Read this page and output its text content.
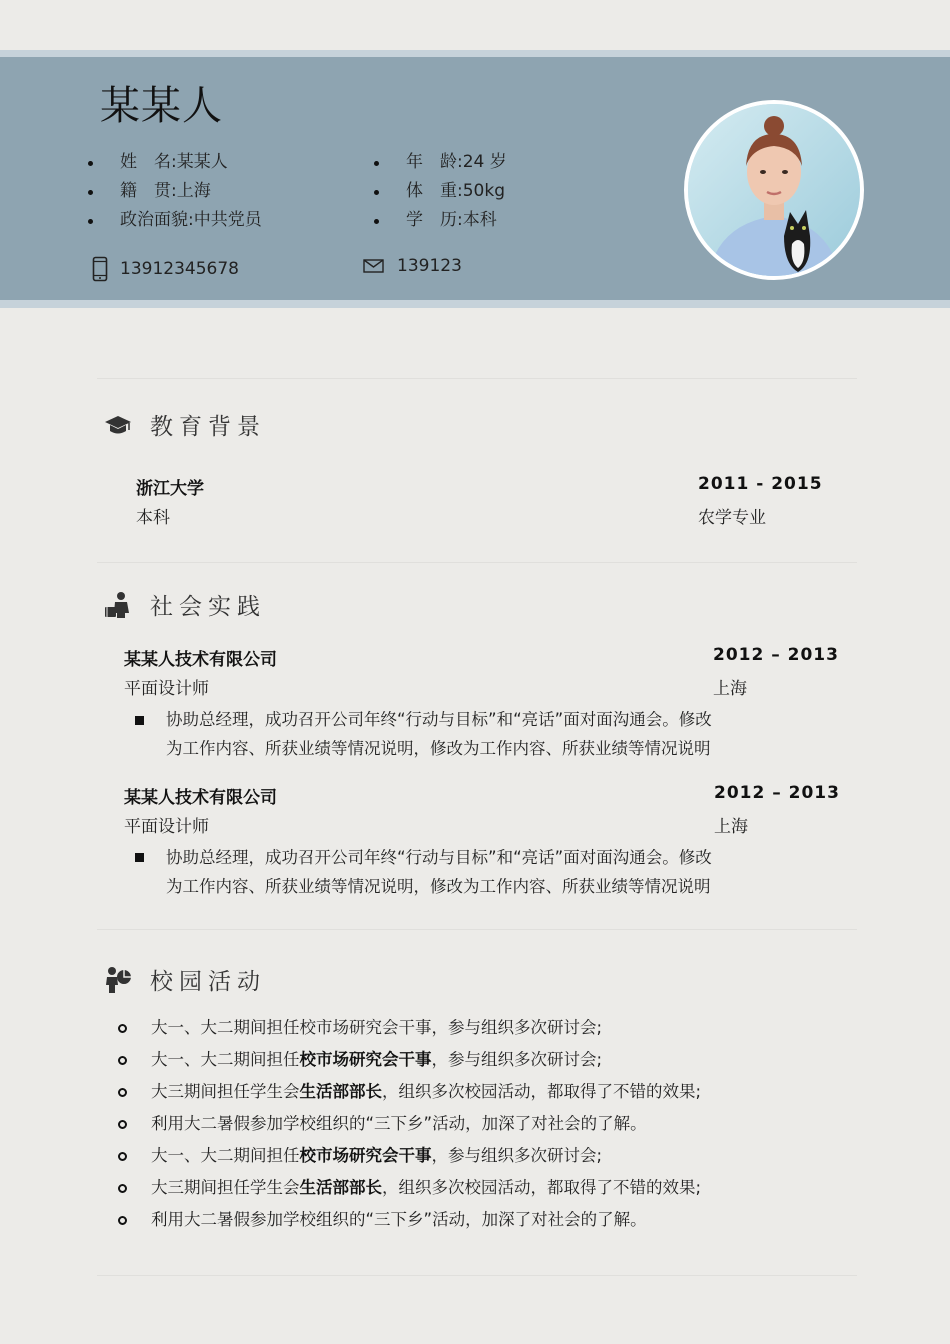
某某人
姓　名:某某人
籍　贯:上海
政治面貌:中共党员
年　龄:24 岁
体　重:50kg
学　历:本科
13912345678	139123
教育背景
浙江大学
本科
2011 - 2015
农学专业
社会实践
某某人技术有限公司
平面设计师
2012 – 2013
上海
协助总经理，成功召开公司年终“行动与目标”和“亮话”面对面沟通会。修改
为工作内容、所获业绩等情况说明，修改为工作内容、所获业绩等情况说明
某某人技术有限公司
平面设计师
2012 – 2013
上海
协助总经理，成功召开公司年终“行动与目标”和“亮话”面对面沟通会。修改
为工作内容、所获业绩等情况说明，修改为工作内容、所获业绩等情况说明
校园活动
大一、大二期间担任校市场研究会干事，参与组织多次研讨会;
大一、大二期间担任校市场研究会干事，参与组织多次研讨会;
大三期间担任学生会生活部部长，组织多次校园活动，都取得了不错的效果;
利用大二暑假参加学校组织的“三下乡”活动，加深了对社会的了解。
大一、大二期间担任校市场研究会干事，参与组织多次研讨会;
大三期间担任学生会生活部部长，组织多次校园活动，都取得了不错的效果;
利用大二暑假参加学校组织的“三下乡”活动，加深了对社会的了解。
